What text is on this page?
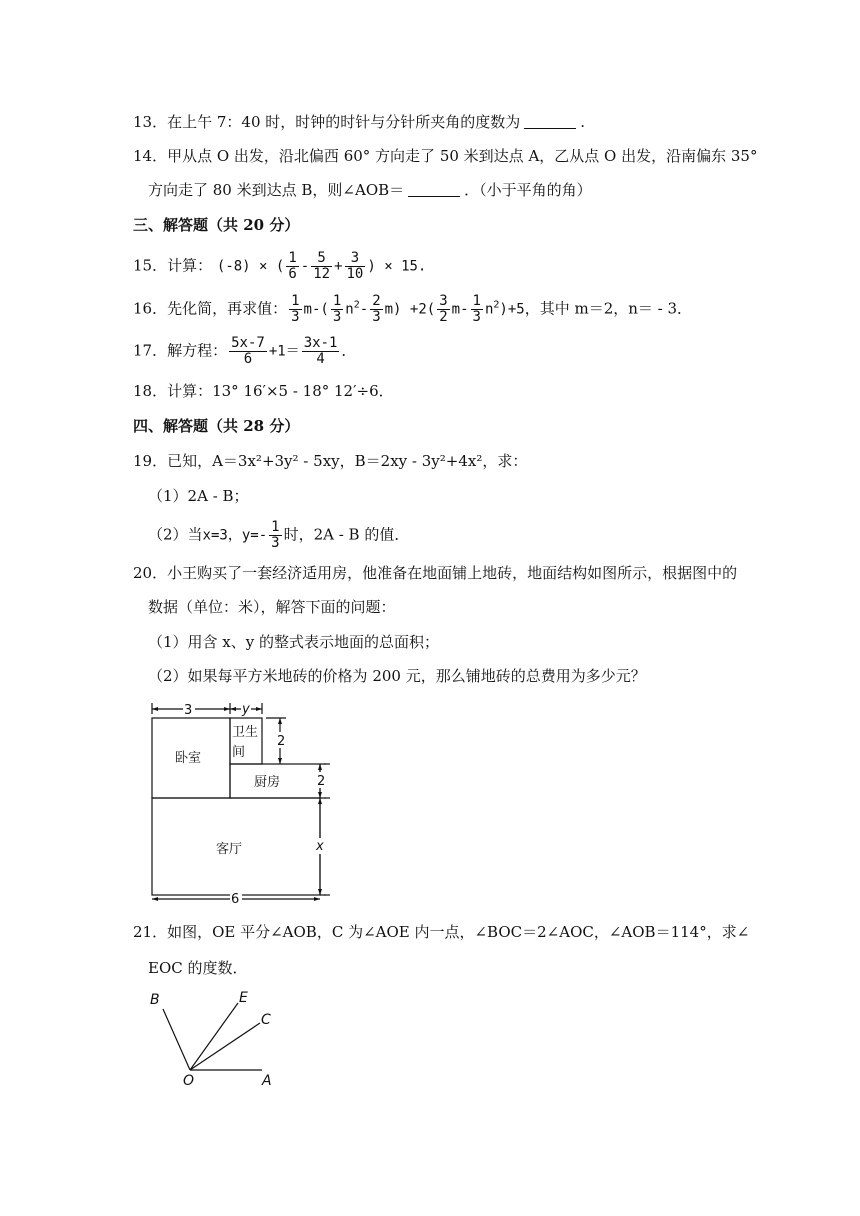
13．在上午 7：40 时，时钟的时针与分针所夹角的度数为	.
14．甲从点 O 出发，沿北偏西 60° 方向走了 50 米到达点 A，乙从点 O 出发，沿南偏东 35°
方向走了 80 米到达点 B，则∠AOB＝	．（小于平角的角）
三、解答题（共 20 分）
15．计算： (-8) × ( $\frac{1}{6} - \frac{5}{12} + \frac{3}{10}$ ) × 15.
16．先化简，再求值： $\frac{1}{3} m-( \frac{1}{3} n^2- \frac{2}{3} m) +2( \frac{3}{2} m- \frac{1}{3} n^2)+5$，其中 m＝2，n＝ - 3．
17．解方程： $\frac{5x-7}{6} +1= \frac{3x-1}{4}$ ．
18．计算：13° 16′×5 - 18° 12′÷6．
四、解答题（共 28 分）
19．已知，A＝3x²+3y² - 5xy，B＝2xy - 3y²+4x²，求：
（1）2A - B；
（2）当x=3，$y=- \frac{1}{3}$ 时，2A - B 的值．
20．小王购买了一套经济适用房，他准备在地面铺上地砖，地面结构如图所示，根据图中的
数据（单位：米），解答下面的问题：
（1）用含 x、y 的整式表示地面的总面积；
（2）如果每平方米地砖的价格为 200 元，那么铺地砖的总费用为多少元？
3	y
卧室
卫生
间
厨房
客厅
2
2
x
6
21．如图，OE 平分∠AOB，C 为∠AOE 内一点，∠BOC＝2∠AOC，∠AOB＝114°，求∠
EOC 的度数．
B	E
C
O	A
